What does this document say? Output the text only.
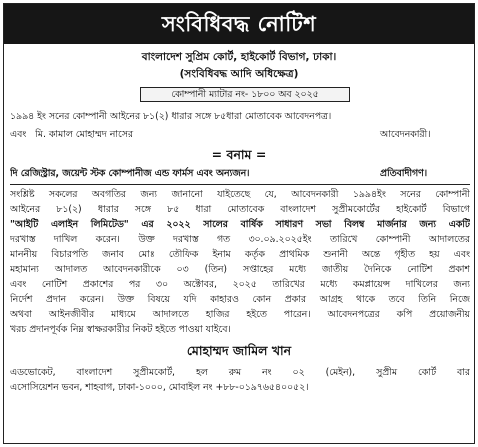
সংবিধিবদ্ধ নোটিশ
বাংলাদেশ সুপ্রিম কোর্ট, হাইকোর্ট বিভাগ, ঢাকা।
(সংবিধিবদ্ধ আদি অধিক্ষেত্র)
কোম্পানী ম্যাটার নং- ১৮০০ অব ২০২৫
১৯৯৪ ইং সনের কোম্পানী আইনের ৮১(২) ধারার সঙ্গে ৮৫ধারা মোতাবেক আবেদনপত্র।
এবং মি. কামাল মোহাম্মদ নাসের	আবেদনকারী।
= বনাম =
দি রেজিস্ট্রার, জয়েন্ট স্টক কোম্পানীজ এন্ড ফার্মস এবং অন্যজন।	প্রতিবাদীগণ।
সংশ্লিষ্ট সকলের অবগতির জন্য জানানো যাইতেছে যে, আবেদনকারী ১৯৯৪ইং সনের কোম্পানী
আইনের ৮১(২) ধারার সঙ্গে ৮৫ ধারা মোতাবেক বাংলাদেশ সুপ্রীমকোর্টের হাইকোর্ট বিভাগে
"আইটি এলাইন লিমিটেড" এর ২০২২ সালের বার্ষিক সাধারণ সভা বিলম্ব মার্জনার জন্য একটি
দরখাস্ত দাখিল করেন। উক্ত দরখাস্ত গত ৩০.০৯.২০২৫ইং তারিখে কোম্পানী আদালতের
মাননীয় বিচারপতি জনাব মোঃ তৌফিক ইনাম কর্তৃক প্রাথমিক শুনানী অন্তে গৃহীত হয় এবং
মহামান্য আদালত আবেদনকারীকে ০৩ (তিন) সপ্তাহের মধ্যে জাতীয় দৈনিকে নোটিশ প্রকাশ
এবং নোটিশ প্রকাশের পর ৩০ অক্টোবর, ২০২৫ তারিখের মধ্যে কমপ্লায়েন্স দাখিলের জন্য
নির্দেশ প্রদান করেন। উক্ত বিষয়ে যদি কাহারও কোন প্রকার আগ্রহ থাকে তবে তিনি নিজে
অথবা আইনজীবীর মাধ্যমে আদালতে হাজির হইতে পারেন। আবেদনপত্রের কপি প্রয়োজনীয়
খরচ প্রদানপূর্বক নিম্ন স্বাক্ষরকারীর নিকট হইতে পাওয়া যাইবে।
মোহাম্মদ জামিল খান
এডভোকেট, বাংলাদেশ সুপ্রীমকোর্ট, হল রুম নং ০২ (মেইন), সুপ্রীম কোর্ট বার
এসোসিয়েশন ভবন, শাহবাগ, ঢাকা-১০০০, মোবাইল নং +৮৮-০১৯৭৬৫৪০০৫২।
